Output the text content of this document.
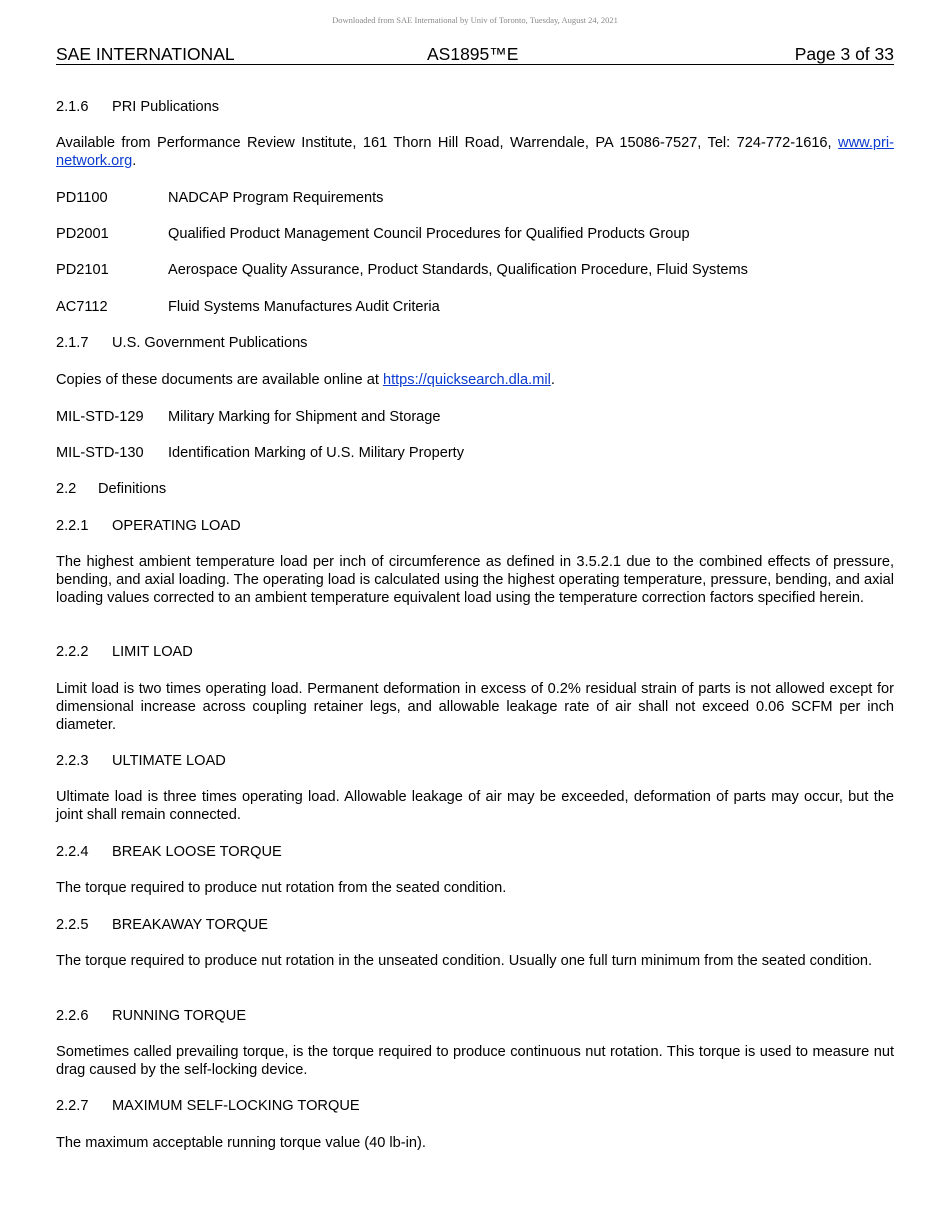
Downloaded from SAE International by Univ of Toronto, Tuesday, August 24, 2021
SAE INTERNATIONAL	AS1895™E	Page 3 of 33
2.1.6 PRI Publications
Available from Performance Review Institute, 161 Thorn Hill Road, Warrendale, PA 15086-7527, Tel: 724-772-1616, www.pri-network.org.
PD1100	NADCAP Program Requirements
PD2001	Qualified Product Management Council Procedures for Qualified Products Group
PD2101	Aerospace Quality Assurance, Product Standards, Qualification Procedure, Fluid Systems
AC7112	Fluid Systems Manufactures Audit Criteria
2.1.7 U.S. Government Publications
Copies of these documents are available online at https://quicksearch.dla.mil.
MIL-STD-129 Military Marking for Shipment and Storage
MIL-STD-130 Identification Marking of U.S. Military Property
2.2 Definitions
2.2.1 OPERATING LOAD
The highest ambient temperature load per inch of circumference as defined in 3.5.2.1 due to the combined effects of pressure, bending, and axial loading. The operating load is calculated using the highest operating temperature, pressure, bending, and axial loading values corrected to an ambient temperature equivalent load using the temperature correction factors specified herein.
2.2.2 LIMIT LOAD
Limit load is two times operating load. Permanent deformation in excess of 0.2% residual strain of parts is not allowed except for dimensional increase across coupling retainer legs, and allowable leakage rate of air shall not exceed 0.06 SCFM per inch diameter.
2.2.3 ULTIMATE LOAD
Ultimate load is three times operating load. Allowable leakage of air may be exceeded, deformation of parts may occur, but the joint shall remain connected.
2.2.4 BREAK LOOSE TORQUE
The torque required to produce nut rotation from the seated condition.
2.2.5 BREAKAWAY TORQUE
The torque required to produce nut rotation in the unseated condition. Usually one full turn minimum from the seated condition.
2.2.6 RUNNING TORQUE
Sometimes called prevailing torque, is the torque required to produce continuous nut rotation. This torque is used to measure nut drag caused by the self-locking device.
2.2.7 MAXIMUM SELF-LOCKING TORQUE
The maximum acceptable running torque value (40 lb-in).
